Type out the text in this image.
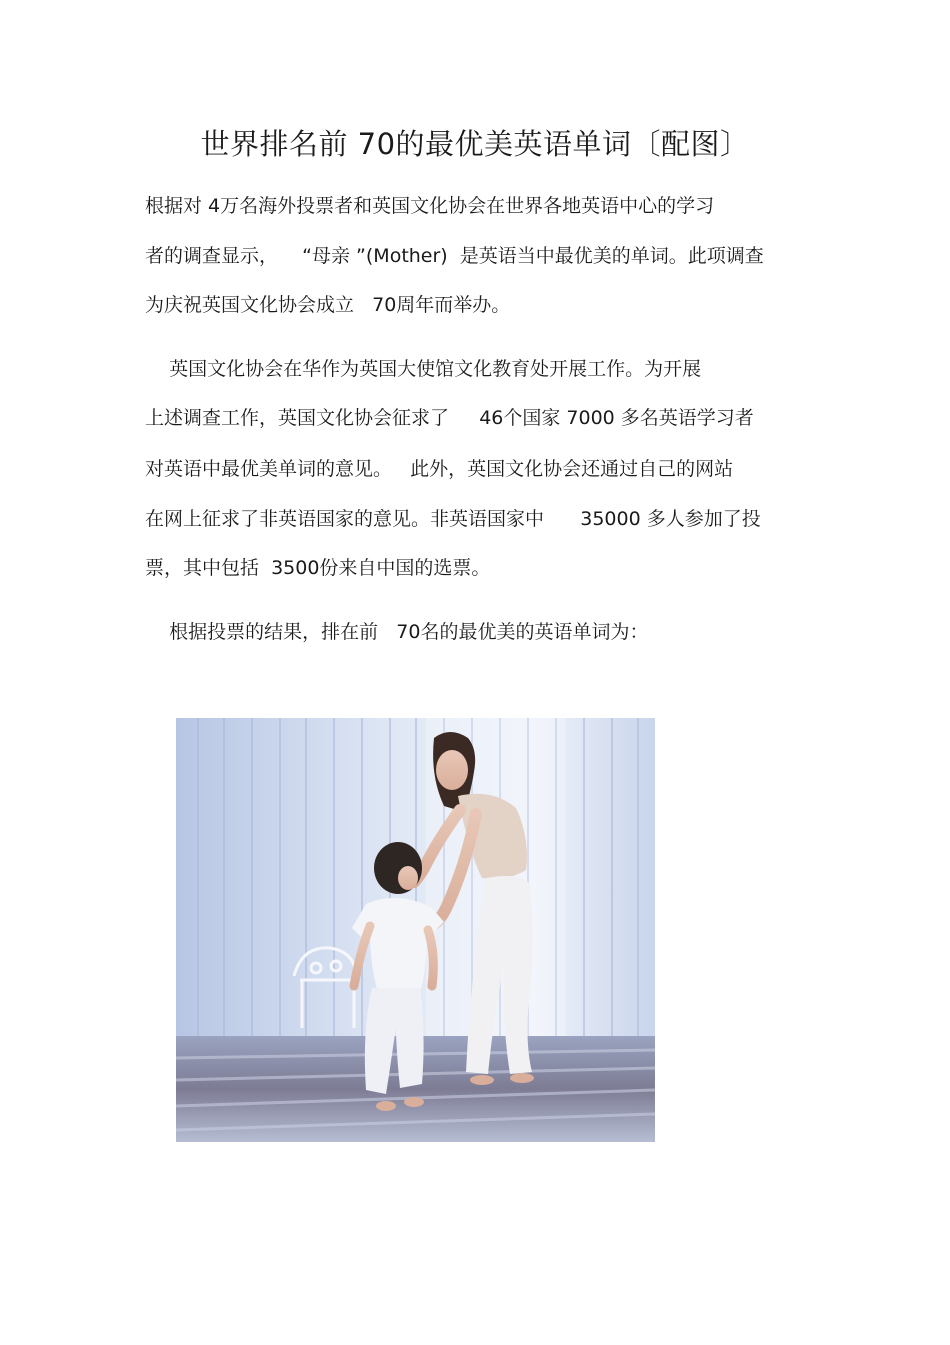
世界排名前 70的最优美英语单词〔配图〕
根据对 4万名海外投票者和英国文化协会在世界各地英语中心的学习
者的调查显示，    “母亲 ”(Mother)  是英语当中最优美的单词。此项调查
为庆祝英国文化协会成立   70周年而举办。
英国文化协会在华作为英国大使馆文化教育处开展工作。为开展
上述调查工作，英国文化协会征求了     46个国家 7000 多名英语学习者
对英语中最优美单词的意见。   此外，英国文化协会还通过自己的网站
在网上征求了非英语国家的意见。非英语国家中      35000 多人参加了投
票，其中包括  3500份来自中国的选票。
根据投票的结果，排在前   70名的最优美的英语单词为：
